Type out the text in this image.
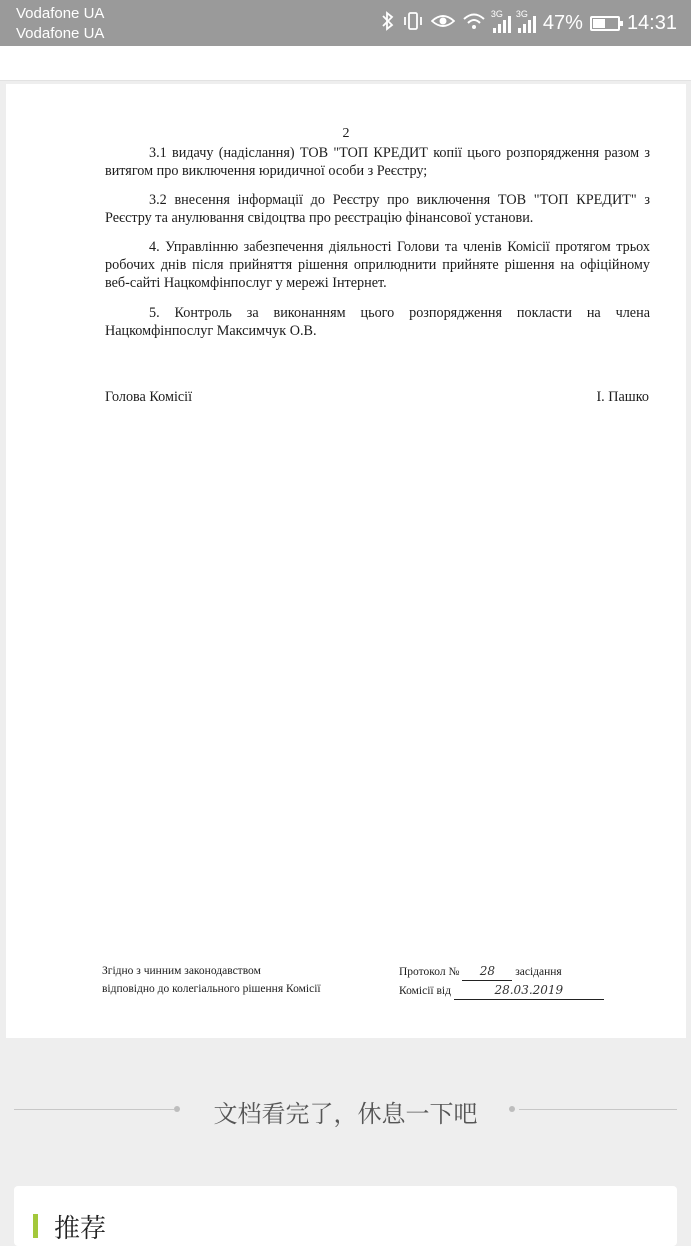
Vodafone UA
Vodafone UA
3G 3G 47% 14:31
2

3.1 видачу (надіслання) ТОВ "ТОП КРЕДИТ копії цього розпорядження разом з витягом про виключення юридичної особи з Реєстру;

3.2 внесення інформації до Реєстру про виключення ТОВ "ТОП КРЕДИТ" з Реєстру та анулювання свідоцтва про реєстрацію фінансової установи.

4. Управлінню забезпечення діяльності Голови та членів Комісії протягом трьох робочих днів після прийняття рішення оприлюднити прийняте рішення на офіційному веб-сайті Нацкомфінпослуг у мережі Інтернет.

5. Контроль за виконанням цього розпорядження покласти на члена Нацкомфінпослуг Максимчук О.В.

Голова Комісії	І. Пашко
Згідно з чинним законодавством
відповідно до колегіального рішення Комісії
Протокол № 28 засідання
Комісії від	28.03.2019
文档看完了，休息一下吧
推荐
